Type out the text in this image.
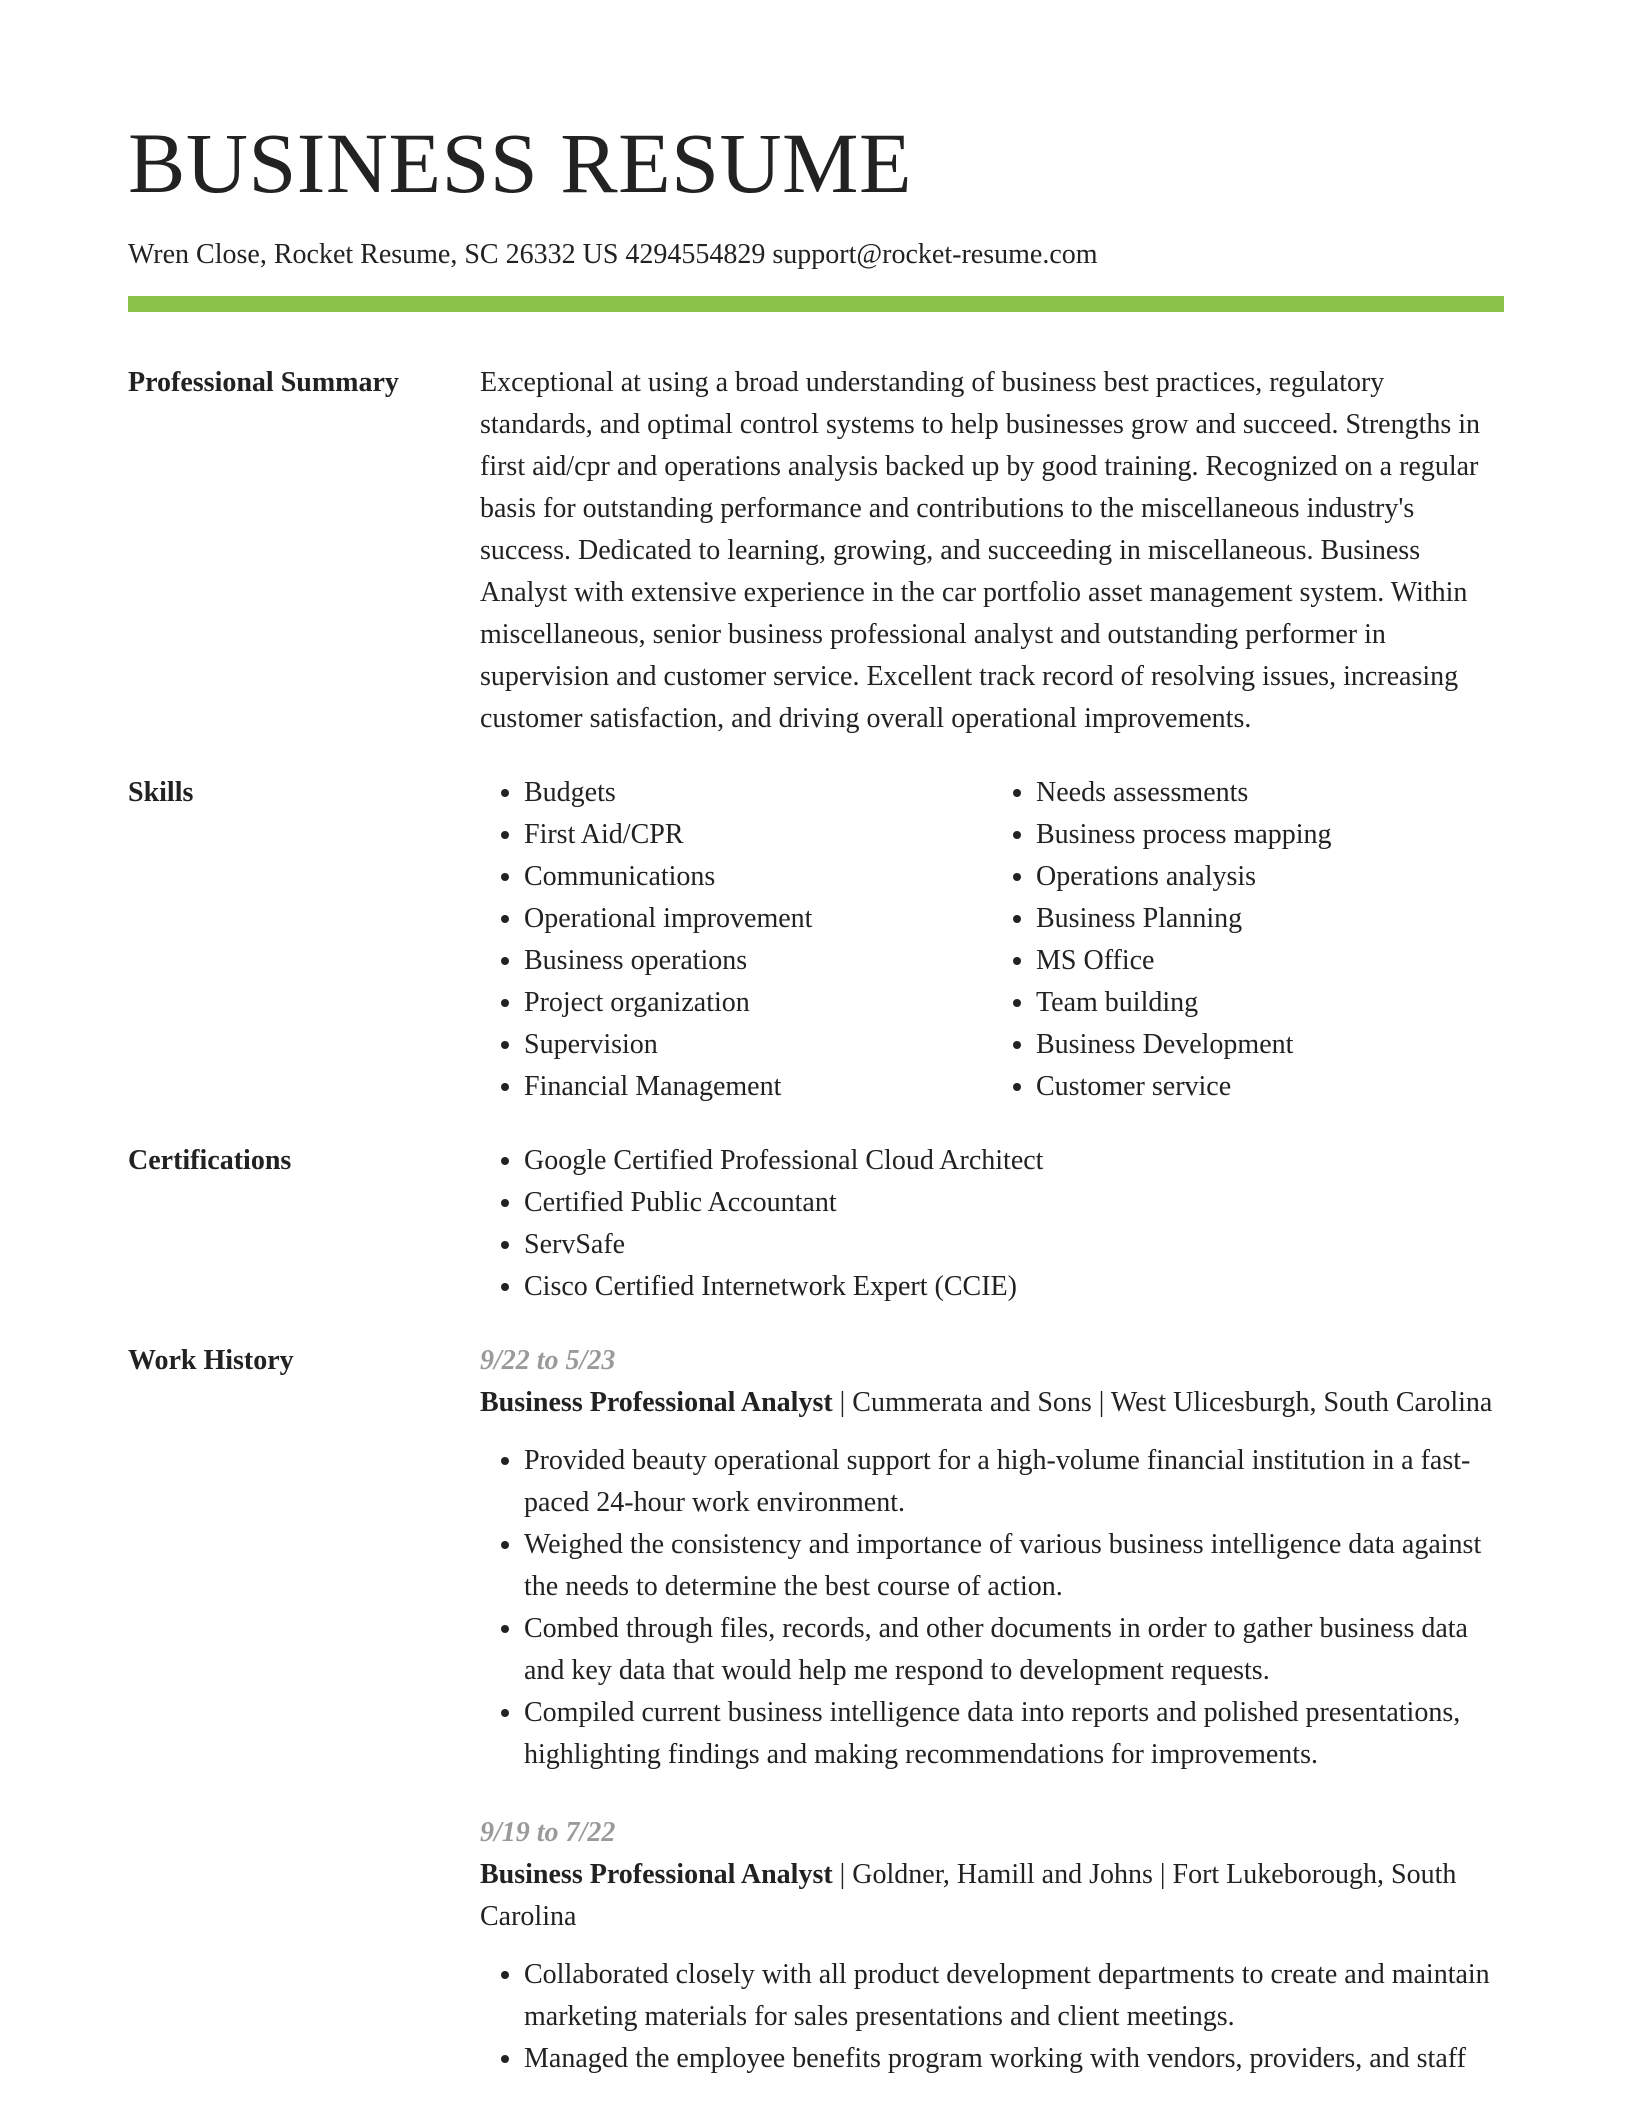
BUSINESS RESUME
Wren Close, Rocket Resume, SC 26332 US 4294554829 support@rocket-resume.com
Professional Summary	Exceptional at using a broad understanding of business best practices, regulatory standards, and optimal control systems to help businesses grow and succeed. Strengths in first aid/cpr and operations analysis backed up by good training. Recognized on a regular basis for outstanding performance and contributions to the miscellaneous industry's success. Dedicated to learning, growing, and succeeding in miscellaneous. Business Analyst with extensive experience in the car portfolio asset management system. Within miscellaneous, senior business professional analyst and outstanding performer in supervision and customer service. Excellent track record of resolving issues, increasing customer satisfaction, and driving overall operational improvements.

Skills	• Budgets
• First Aid/CPR
• Communications
• Operational improvement
• Business operations
• Project organization
• Supervision
• Financial Management
• Needs assessments
• Business process mapping
• Operations analysis
• Business Planning
• MS Office
• Team building
• Business Development
• Customer service
Certifications	• Google Certified Professional Cloud Architect
• Certified Public Accountant
• ServSafe
• Cisco Certified Internetwork Expert (CCIE)
Work History	9/22 to 5/23
Business Professional Analyst | Cummerata and Sons | West Ulicesburgh, South Carolina
• Provided beauty operational support for a high-volume financial institution in a fast-paced 24-hour work environment.
• Weighed the consistency and importance of various business intelligence data against the needs to determine the best course of action.
• Combed through files, records, and other documents in order to gather business data and key data that would help me respond to development requests.
• Compiled current business intelligence data into reports and polished presentations, highlighting findings and making recommendations for improvements.
9/19 to 7/22
Business Professional Analyst | Goldner, Hamill and Johns | Fort Lukeborough, South Carolina
• Collaborated closely with all product development departments to create and maintain marketing materials for sales presentations and client meetings.
• Managed the employee benefits program working with vendors, providers, and staff
